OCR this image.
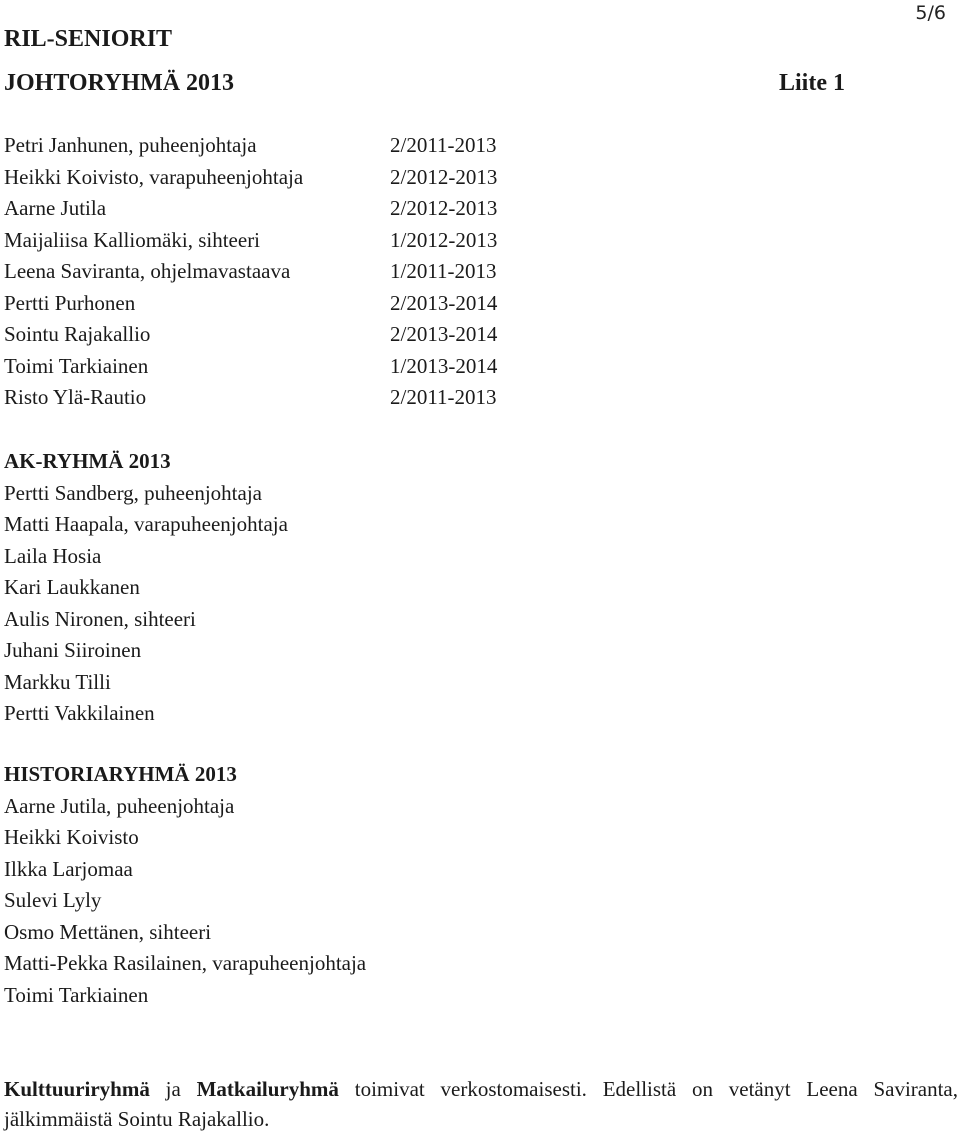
5/6
RIL-SENIORIT
JOHTORYHMÄ 2013	Liite 1
Petri Janhunen, puheenjohtaja	2/2011-2013
Heikki Koivisto, varapuheenjohtaja	2/2012-2013
Aarne Jutila	2/2012-2013
Maijaliisa Kalliomäki, sihteeri	1/2012-2013
Leena Saviranta, ohjelmavastaava	1/2011-2013
Pertti Purhonen	2/2013-2014
Sointu Rajakallio	2/2013-2014
Toimi Tarkiainen	1/2013-2014
Risto Ylä-Rautio	2/2011-2013
AK-RYHMÄ 2013
Pertti Sandberg, puheenjohtaja
Matti Haapala, varapuheenjohtaja
Laila Hosia
Kari Laukkanen
Aulis Nironen, sihteeri
Juhani Siiroinen
Markku Tilli
Pertti Vakkilainen
HISTORIARYHMÄ 2013
Aarne Jutila, puheenjohtaja
Heikki Koivisto
Ilkka Larjomaa
Sulevi Lyly
Osmo Mettänen, sihteeri
Matti-Pekka Rasilainen, varapuheenjohtaja
Toimi Tarkiainen
Kulttuuriryhmä ja Matkailuryhmä toimivat verkostomaisesti. Edellistä on vetänyt Leena Saviranta, jälkimmäistä Sointu Rajakallio.
